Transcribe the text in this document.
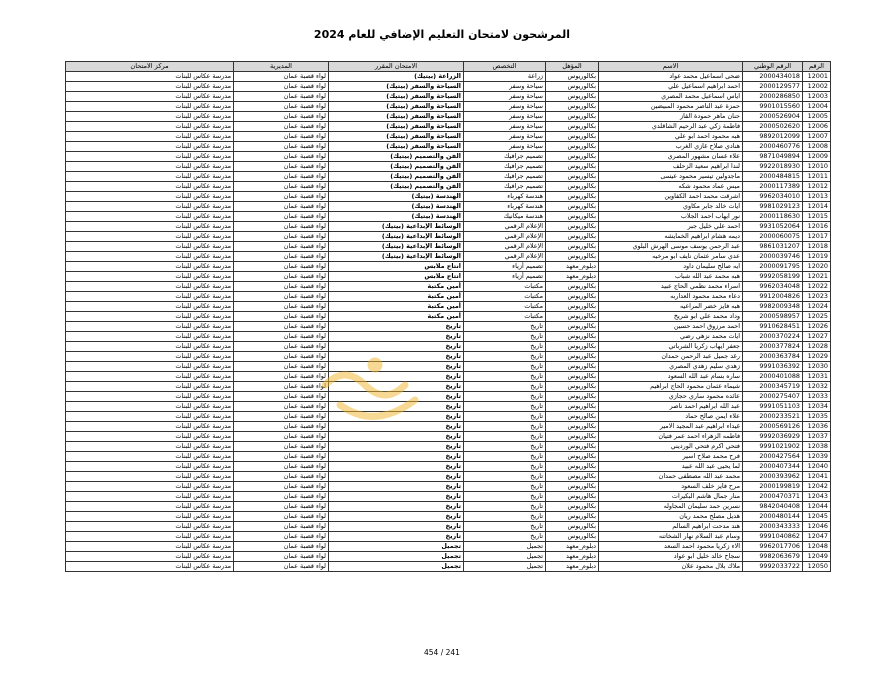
المرشحون لامتحان التعليم الإضافي للعام 2024
الرقم	الرقم الوطني	الاسم	المؤهل	التخصص	الامتحان المقرر	المديرية	مركز الامتحان
12001	2000434018	ضحى اسماعيل محمد عواد	بكالوريوس	زراعة	الزراعة (بيتيك)	لواء قصبة عمان	مدرسة عكاس للبنات
12002	2000129577	احمد ابراهيم اسماعيل علي	بكالوريوس	سياحة وسفر	السياحة والسفر (بيتيك)	لواء قصبة عمان	مدرسة عكاس للبنات
12003	2000286850	اياس اسماعيل محمد المصري	بكالوريوس	سياحة وسفر	السياحة والسفر (بيتيك)	لواء قصبة عمان	مدرسة عكاس للبنات
12004	9901015560	حمزة عبد الناصر محمود المبيضين	بكالوريوس	سياحة وسفر	السياحة والسفر (بيتيك)	لواء قصبة عمان	مدرسة عكاس للبنات
12005	2000526904	حنان ماهر حمودة القاز	بكالوريوس	سياحة وسفر	السياحة والسفر (بيتيك)	لواء قصبة عمان	مدرسة عكاس للبنات
12006	2000502620	فاطمة زكي عبد الرحيم الشاقلدي	بكالوريوس	سياحة وسفر	السياحة والسفر (بيتيك)	لواء قصبة عمان	مدرسة عكاس للبنات
12007	9892012099	هبه محمود احمد ابو علي	بكالوريوس	سياحة وسفر	السياحة والسفر (بيتيك)	لواء قصبة عمان	مدرسة عكاس للبنات
12008	2000460776	هنادي صلاح غازي الغرب	بكالوريوس	سياحة وسفر	السياحة والسفر (بيتيك)	لواء قصبة عمان	مدرسة عكاس للبنات
12009	9871049894	علاء غسان مشهور المصري	بكالوريوس	تصميم جرافيك	الفن والتصميم (بيتيك)	لواء قصبة عمان	مدرسة عكاس للبنات
12010	9922018930	لندا ابراهيم سعيد الزحلف	بكالوريوس	تصميم جرافيك	الفن والتصميم (بيتيك)	لواء قصبة عمان	مدرسة عكاس للبنات
12011	2000484815	ماجدولين تيسير محمود عيسى	بكالوريوس	تصميم جرافيك	الفن والتصميم (بيتيك)	لواء قصبة عمان	مدرسة عكاس للبنات
12012	2000117389	ميس عماد محمود شكه	بكالوريوس	تصميم جرافيك	الفن والتصميم (بيتيك)	لواء قصبة عمان	مدرسة عكاس للبنات
12013	9962034010	اشرقت محمد احمد الكفاوين	بكالوريوس	هندسة كهرباء	الهندسة (بيتيك)	لواء قصبة عمان	مدرسة عكاس للبنات
12014	9981029123	ايات خالد جابر مكاوي	بكالوريوس	هندسة كهرباء	الهندسة (بيتيك)	لواء قصبة عمان	مدرسة عكاس للبنات
12015	2000118630	نور ايهاب احمد الجلاب	بكالوريوس	هندسة ميكانيك	الهندسة (بيتيك)	لواء قصبة عمان	مدرسة عكاس للبنات
12016	9931052064	احمد علي خليل جبر	بكالوريوس	الإعلام الرقمي	الوسائط الإبداعية (بيتيك)	لواء قصبة عمان	مدرسة عكاس للبنات
12017	2000060075	ديمه هشام ابراهيم الخمايشه	بكالوريوس	الإعلام الرقمي	الوسائط الإبداعية (بيتيك)	لواء قصبة عمان	مدرسة عكاس للبنات
12018	9861031207	عبد الرحمن يوسف موسى الهرش البلوي	بكالوريوس	الإعلام الرقمي	الوسائط الإبداعية (بيتيك)	لواء قصبة عمان	مدرسة عكاس للبنات
12019	2000039746	عدي سامر عثمان نايف ابو مرخيه	بكالوريوس	الإعلام الرقمي	الوسائط الإبداعية (بيتيك)	لواء قصبة عمان	مدرسة عكاس للبنات
12020	2000091795	ايه صالح سليمان داود	دبلوم_معهد	تصميم أزياء	انتاج ملابس	لواء قصبة عمان	مدرسة عكاس للبنات
12021	9992058199	هبه محمد عبد الله شباب	دبلوم_معهد	تصميم أزياء	انتاج ملابس	لواء قصبة عمان	مدرسة عكاس للبنات
12022	9962034048	اسراء محمد نظمي الحاج عبيد	بكالوريوس	مكتبات	أمين مكتبة	لواء قصبة عمان	مدرسة عكاس للبنات
12023	9912004826	دعاء محمد محمود العداربه	بكالوريوس	مكتبات	أمين مكتبة	لواء قصبة عمان	مدرسة عكاس للبنات
12024	9982009348	هبه فايز خضر المراعيه	بكالوريوس	مكتبات	أمين مكتبة	لواء قصبة عمان	مدرسة عكاس للبنات
12025	2000598957	وداد محمد علي ابو شريخ	بكالوريوس	مكتبات	أمين مكتبة	لواء قصبة عمان	مدرسة عكاس للبنات
12026	9910628451	احمد مرزوق احمد حسين	بكالوريوس	تاريخ	تاريخ	لواء قصبة عمان	مدرسة عكاس للبنات
12027	2000370224	ايات محمد نزهي رضي	بكالوريوس	تاريخ	تاريخ	لواء قصبة عمان	مدرسة عكاس للبنات
12028	2000377824	جعفر ايهاب زكريا الشرباتي	بكالوريوس	تاريخ	تاريخ	لواء قصبة عمان	مدرسة عكاس للبنات
12029	2000363784	رغد جميل عبد الرحمن حمدان	بكالوريوس	تاريخ	تاريخ	لواء قصبة عمان	مدرسة عكاس للبنات
12030	9991036392	زهدي سليم زهدي المصري	بكالوريوس	تاريخ	تاريخ	لواء قصبة عمان	مدرسة عكاس للبنات
12031	2000401088	ساره بسام عبد الله السعود	بكالوريوس	تاريخ	تاريخ	لواء قصبة عمان	مدرسة عكاس للبنات
12032	2000345719	شيماء عثمان محمود الحاج ابراهيم	بكالوريوس	تاريخ	تاريخ	لواء قصبة عمان	مدرسة عكاس للبنات
12033	2000275407	عائده محمود ساري حجازي	بكالوريوس	تاريخ	تاريخ	لواء قصبة عمان	مدرسة عكاس للبنات
12034	9991051103	عبد الله ابراهيم احمد ناصر	بكالوريوس	تاريخ	تاريخ	لواء قصبة عمان	مدرسة عكاس للبنات
12035	2000233521	علاء ايمن صالح حماد	بكالوريوس	تاريخ	تاريخ	لواء قصبة عمان	مدرسة عكاس للبنات
12036	2000569126	غيداء ابراهيم عبد المجيد الامير	بكالوريوس	تاريخ	تاريخ	لواء قصبة عمان	مدرسة عكاس للبنات
12037	9992036929	فاطمه الزهراء احمد عمر فتيان	بكالوريوس	تاريخ	تاريخ	لواء قصبة عمان	مدرسة عكاس للبنات
12038	9991021902	فتحي اكرم فتحي الورديني	بكالوريوس	تاريخ	تاريخ	لواء قصبة عمان	مدرسة عكاس للبنات
12039	2000427564	فرح محمد صلاح اسير	بكالوريوس	تاريخ	تاريخ	لواء قصبة عمان	مدرسة عكاس للبنات
12040	2000407344	لما يحيى عبد الله عبيد	بكالوريوس	تاريخ	تاريخ	لواء قصبة عمان	مدرسة عكاس للبنات
12041	2000393962	محمد عبد الله مصطفى حمدان	بكالوريوس	تاريخ	تاريخ	لواء قصبة عمان	مدرسة عكاس للبنات
12042	2000199819	مرح فايز خلف السعود	بكالوريوس	تاريخ	تاريخ	لواء قصبة عمان	مدرسة عكاس للبنات
12043	2000470371	منار جمال هاشم البكيرات	بكالوريوس	تاريخ	تاريخ	لواء قصبة عمان	مدرسة عكاس للبنات
12044	9842040408	نسرين حمد سليمان المجاوله	بكالوريوس	تاريخ	تاريخ	لواء قصبة عمان	مدرسة عكاس للبنات
12045	2000480144	هديل مصلح محمد ريان	بكالوريوس	تاريخ	تاريخ	لواء قصبة عمان	مدرسة عكاس للبنات
12046	2000343333	هند مدحت ابراهيم السالم	بكالوريوس	تاريخ	تاريخ	لواء قصبة عمان	مدرسة عكاس للبنات
12047	9991040862	وسام عبد السلام نهار الشخاتنه	بكالوريوس	تاريخ	تاريخ	لواء قصبة عمان	مدرسة عكاس للبنات
12048	9962017706	الاء زكريا محمود احمد السعد	دبلوم_معهد	تجميل	تجميل	لواء قصبة عمان	مدرسة عكاس للبنات
12049	9982063679	سجاح خالد خليل ابو عواد	دبلوم_معهد	تجميل	تجميل	لواء قصبة عمان	مدرسة عكاس للبنات
12050	9992033722	ملاك بلال محمود علان	دبلوم_معهد	تجميل	تجميل	لواء قصبة عمان	مدرسة عكاس للبنات
241 / 454
